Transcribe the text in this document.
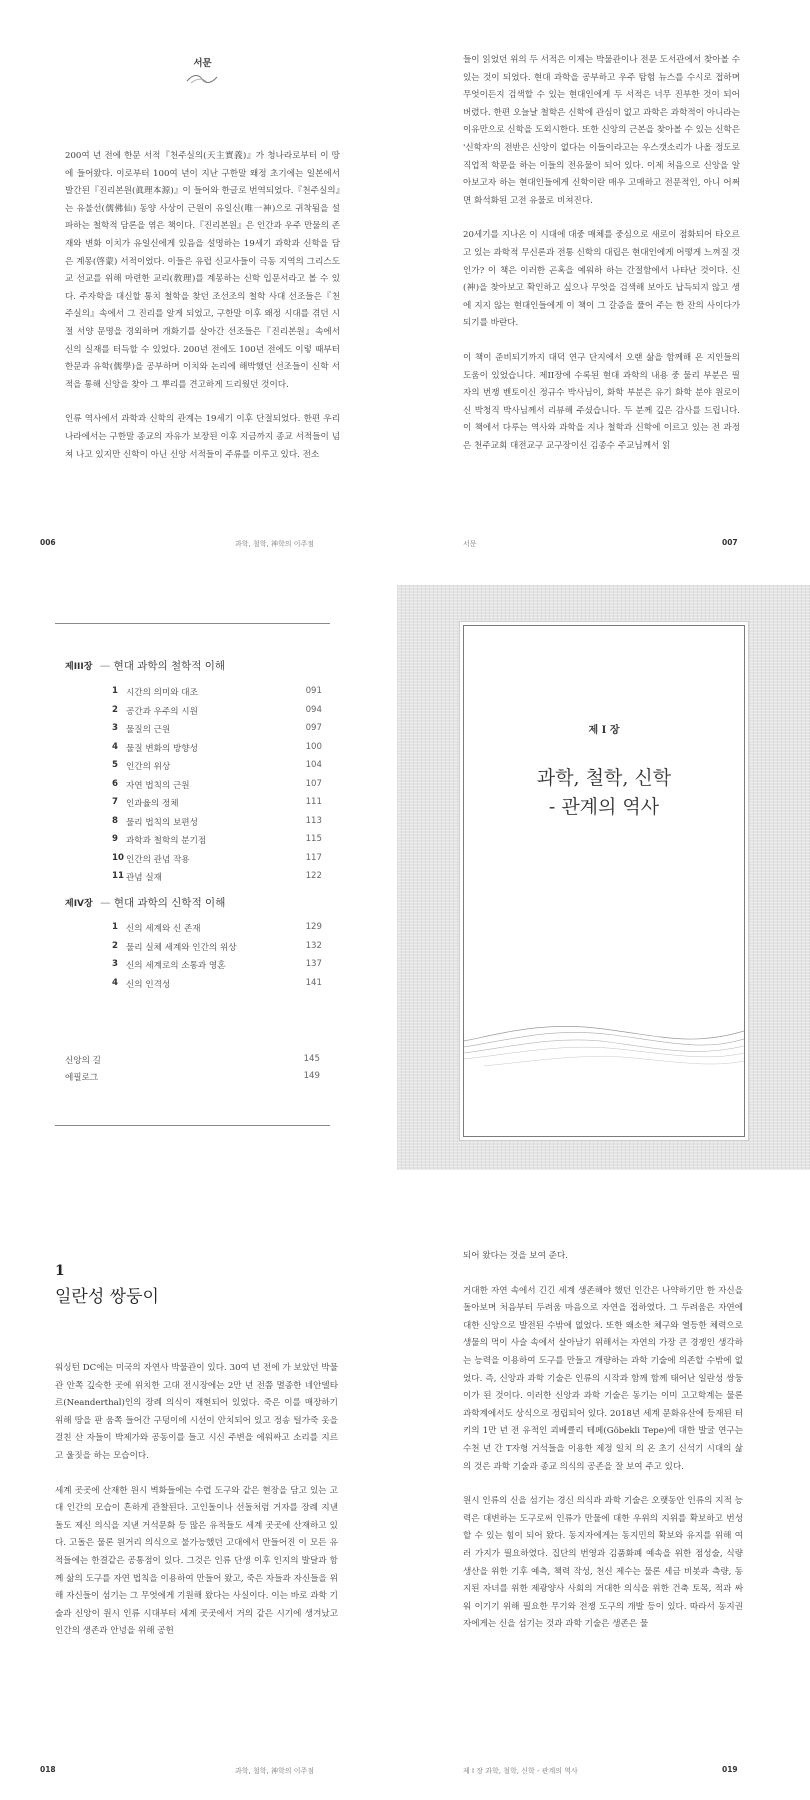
서문

200여 년 전에 한문 서적『천주실의(天主實義)』가 청나라로부터 이 땅에 들어왔다. 이로부터 100여 년이 지난 구한말 왜정 초기에는 일본에서 발간된『진리본원(眞理本源)』이 들어와 한글로 번역되었다.『천주실의』는 유불선(儒佛仙) 동양 사상이 근원이 유일신(唯一神)으로 귀착됨을 설파하는 철학적 담론을 엮은 책이다.『진리본원』은 인간과 우주 만물의 존재와 변화 이치가 유일신에게 있음을 설명하는 19세기 과학과 신학을 담은 계몽(啓蒙) 서적이었다. 이들은 유럽 신교사들이 극동 지역의 그리스도교 선교를 위해 마련한 교리(敎理)를 계몽하는 신학 입문서라고 볼 수 있다. 주자학을 대신할 통치 철학을 찾던 조선조의 철학 사대 선조들은『천주실의』속에서 그 진리를 알게 되었고, 구한말 이후 왜정 시대를 겪던 시절 서양 문명을 경외하며 개화기를 살아간 선조들은『진리본원』속에서 신의 실재를 터득할 수 있었다. 200년 전에도 100년 전에도 이렇 때부터 한문과 유학(儒學)을 공부하며 이치와 논리에 해박했던 선조들이 신학 서적을 통해 신앙을 찾아 그 뿌리를 견고하게 드리웠던 것이다.

인류 역사에서 과학과 신학의 관계는 19세기 이후 단절되었다. 한편 우리나라에서는 구한말 종교의 자유가 보장된 이후 지금까지 종교 서적들이 넘쳐 나고 있지만 신학이 아닌 신앙 서적들이 주류를 이루고 있다. 전소

006	과학, 철학, 神학의 이주점

들이 읽었던 위의 두 서적은 이제는 박물관이나 전문 도서관에서 찾아볼 수 있는 것이 되었다. 현대 과학을 공부하고 우주 탐험 뉴스를 수시로 접하며 무엇이든지 검색할 수 있는 현대인에게 두 서적은 너무 진부한 것이 되어 버렸다. 한편 오늘날 철학은 신학에 관심이 없고 과학은 과학적이 아니라는 이유만으로 신학을 도외시한다. 또한 신앙의 근본을 찾아볼 수 있는 신학은 '신학자'의 전반은 신앙이 없다는 이들이라고는 우스갯소리가 나올 정도로 직업적 학문을 하는 이들의 전유물이 되어 있다. 이제 처음으로 신앙을 알아보고자 하는 현대인들에게 신학이란 매우 고매하고 전문적인, 아니 어쩌면 화석화된 고전 유물로 비쳐진다.

20세기를 지나온 이 시대에 대중 매체를 중심으로 새로이 점화되어 타오르고 있는 과학적 무신론과 전통 신학의 대립은 현대인에게 어떻게 느껴질 것인가? 이 책은 이러한 곤혹을 예워하 하는 간절함에서 나타난 것이다. 신(神)을 찾아보고 확인하고 싶으나 무엇을 검색해 보아도 납득되지 않고 생에 지지 않는 현대인들에게 이 책이 그 갈증을 풀어 주는 한 잔의 사이다가 되기를 바란다.

이 책이 준비되기까지 대덕 연구 단지에서 오랜 삶을 함께해 온 지인들의 도움이 있었습니다. 제II장에 수록된 현대 과학의 내용 중 물리 부분은 필자의 번쟁 벤토이신 정규수 박사님이, 화학 부분은 유기 화학 분야 원로이신 박청직 박사님께서 리뷰해 주셨습니다. 두 분께 깊은 감사를 드립니다. 이 책에서 다루는 역사와 과학을 지나 철학과 신학에 이르고 있는 전 과정은 천주교회 대전교구 교구장이신 김종수 주교님께서 읽

서문	007
제III장 — 현대 과학의 철학적 이해
1 시간의 의미와 대조	091
2 공간과 우주의 시원	094
3 물질의 근원	097
4 물질 변화의 방향성	100
5 인간의 위상	104
6 자연 법칙의 근원	107
7 인과율의 정체	111
8 물리 법칙의 보편성	113
9 과학과 철학의 분기점	115
10 인간의 관념 작용	117
11 관념 실재	122
제IV장 — 현대 과학의 신학적 이해
1 신의 세계와 신 존재	129
2 물리 실체 세계와 인간의 위상	132
3 신의 세계로의 소통과 영혼	137
4 신의 인격성	141
신앙의 길	145
에필로그	149
제 I 장
과학, 철학, 신학
- 관계의 역사
1
일란성 쌍둥이

워싱턴 DC에는 미국의 자연사 박물관이 있다. 30여 년 전에 가 보았던 박물관 안쪽 깊숙한 곳에 위치한 고대 전시장에는 2만 년 전쯤 멸종한 네안델타르(Neanderthal)인의 장례 의식이 재현되어 있었다. 죽은 이를 매장하기 위해 땅을 판 움쪽 들어간 구덩이에 시선이 안치되어 있고 정송 털가죽 옷을 걸친 산 자들이 박제가와 공동이를 들고 시신 주변을 에워싸고 소리를 지르고 울짓을 하는 모습이다.

세계 곳곳에 산재한 원시 벽화들에는 수렵 도구와 같은 현장을 담고 있는 고대 인간의 모습이 흔하게 관찰된다. 고인돌이나 선돌처럼 거자를 장례 지낸 돌도 제신 의식을 지낸 거석문화 등 많은 유적들도 세계 곳곳에 산재하고 있다. 고돌은 물론 원거리 의식으로 불가능했던 고대에서 만들어진 이 모든 유적들에는 한결같은 공통점이 있다. 그것은 인류 단생 이후 인지의 발달과 함께 삶의 도구를 자연 법칙을 이용하여 만들어 왔고, 죽은 자들과 자신들을 위해 자신들이 섬기는 그 무엇에게 기원해 왔다는 사실이다. 이는 바로 과학 기술과 신앙이 원시 인류 시대부터 세계 곳곳에서 거의 같은 시기에 생겨났고 인간의 생존과 안녕을 위해 공헌

018	과학, 철학, 神학의 이주점

되어 왔다는 것을 보여 준다.

거대한 자연 속에서 긴긴 세계 생존해야 했던 인간은 나약하기만 한 자신을 돌아보며 처음부터 두려움 마음으로 자연을 접하였다. 그 두려움은 자연에 대한 신앙으로 발전된 수밖에 없었다. 또한 왜소한 체구와 열등한 체력으로 생물의 먹이 사슬 속에서 살아남기 위해서는 자연의 가장 큰 경쟁인 생각하는 능력을 이용하여 도구를 만들고 개량하는 과학 기술에 의존할 수밖에 없었다. 즉, 신앙과 과학 기술은 인류의 시작과 함께 함께 태어난 일란성 쌍둥이가 된 것이다. 이러한 신앙과 과학 기술은 동기는 이미 고고학계는 물론 과학계에서도 상식으로 정립되어 있다. 2018년 세계 문화유산에 등재된 터키의 1만 년 전 유적인 괴베클리 테페(Göbekli Tepe)에 대한 발굴 연구는 수천 년 간 T자형 거석들을 이용한 제정 일치 의 온 초기 신석기 시대의 삶의 것은 과학 기술과 종교 의식의 공존을 잘 보여 주고 있다.

원시 인류의 신을 섬기는 경신 의식과 과학 기술은 오랫동안 인류의 지적 능력은 대변하는 도구로써 인류가 만물에 대한 우위의 지위를 확보하고 번성할 수 있는 힘이 되어 왔다. 동지자에게는 동지민의 확보와 유지를 위해 여러 가지가 필요하였다. 집단의 번영과 김품화폐 예속을 위한 점성술, 식량 생산을 위한 기후 예측, 책력 작성, 천신 제수는 물론 세금 비봇과 측량, 동지된 자녀를 위한 제광양사 사회의 거대한 의식을 위한 건축 토목, 적과 싸워 이기기 위해 필요한 무기와 전쟁 도구의 개발 등이 있다. 따라서 동지권자에게는 신을 섬기는 것과 과학 기술은 생존은 물

제 I 장 과학, 철학, 신학 - 관계의 역사	019
